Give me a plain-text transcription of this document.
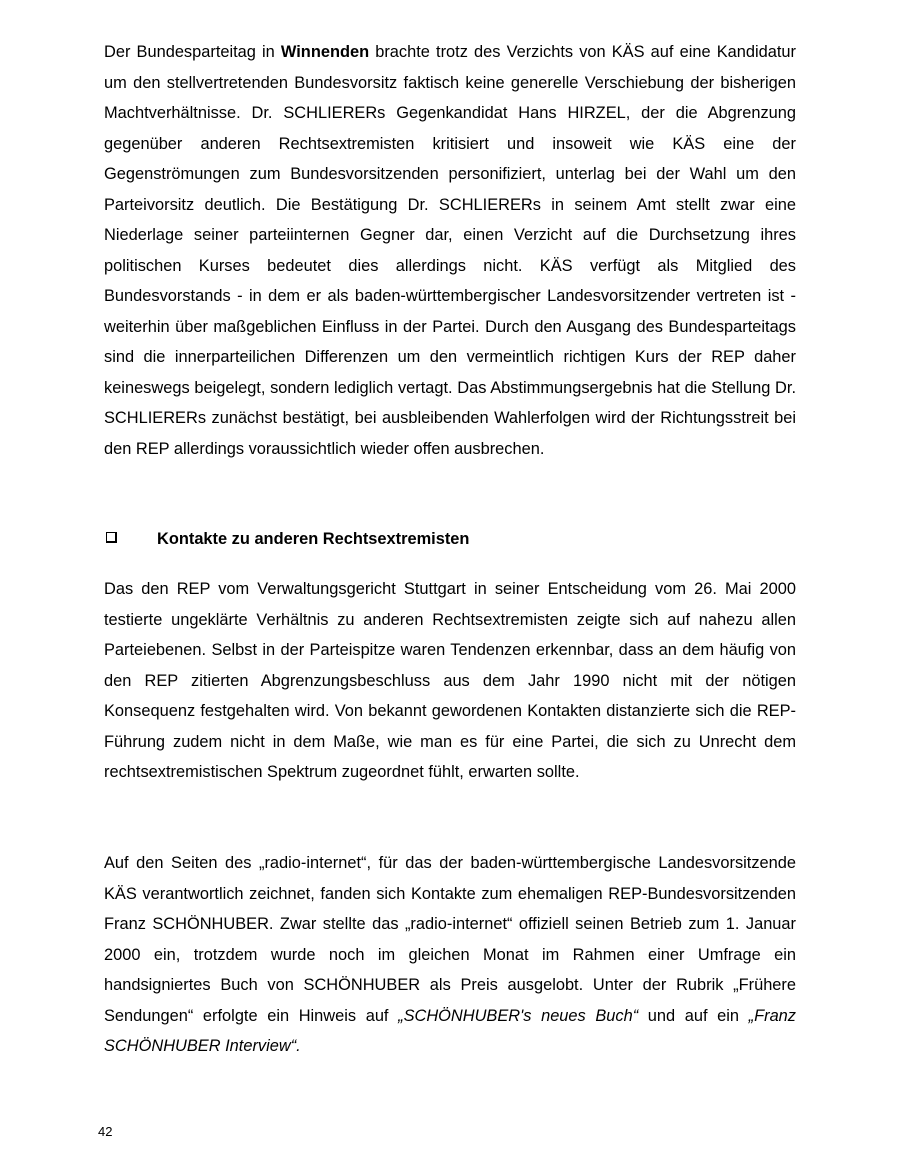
Der Bundesparteitag in Winnenden brachte trotz des Verzichts von KÄS auf eine Kandidatur um den stellvertretenden Bundesvorsitz faktisch keine generelle Verschiebung der bisherigen Machtverhältnisse. Dr. SCHLIERERs Gegenkandidat Hans HIRZEL, der die Abgrenzung gegenüber anderen Rechtsextremisten kritisiert und insoweit wie KÄS eine der Gegenströmungen zum Bundesvorsitzenden personifiziert, unterlag bei der Wahl um den Parteivorsitz deutlich. Die Bestätigung Dr. SCHLIERERs in seinem Amt stellt zwar eine Niederlage seiner parteiinternen Gegner dar, einen Verzicht auf die Durchsetzung ihres politischen Kurses bedeutet dies allerdings nicht. KÄS verfügt als Mitglied des Bundesvorstands - in dem er als baden-württembergischer Landesvorsitzender vertreten ist - weiterhin über maßgeblichen Einfluss in der Partei. Durch den Ausgang des Bundesparteitags sind die innerparteilichen Differenzen um den vermeintlich richtigen Kurs der REP daher keineswegs beigelegt, sondern lediglich vertagt. Das Abstimmungsergebnis hat die Stellung Dr. SCHLIERERs zunächst bestätigt, bei ausbleibenden Wahlerfolgen wird der Richtungsstreit bei den REP allerdings voraussichtlich wieder offen ausbrechen.

Kontakte zu anderen Rechtsextremisten

Das den REP vom Verwaltungsgericht Stuttgart in seiner Entscheidung vom 26. Mai 2000 testierte ungeklärte Verhältnis zu anderen Rechtsextremisten zeigte sich auf nahezu allen Parteiebenen. Selbst in der Parteispitze waren Tendenzen erkennbar, dass an dem häufig von den REP zitierten Abgrenzungsbeschluss aus dem Jahr 1990 nicht mit der nötigen Konsequenz festgehalten wird. Von bekannt gewordenen Kontakten distanzierte sich die REP-Führung zudem nicht in dem Maße, wie man es für eine Partei, die sich zu Unrecht dem rechtsextremistischen Spektrum zugeordnet fühlt, erwarten sollte.

Auf den Seiten des „radio-internet“, für das der baden-württembergische Landesvorsitzende KÄS verantwortlich zeichnet, fanden sich Kontakte zum ehemaligen REP-Bundesvorsitzenden Franz SCHÖNHUBER. Zwar stellte das „radio-internet“ offiziell seinen Betrieb zum 1. Januar 2000 ein, trotzdem wurde noch im gleichen Monat im Rahmen einer Umfrage ein handsigniertes Buch von SCHÖNHUBER als Preis ausgelobt. Unter der Rubrik „Frühere Sendungen“ erfolgte ein Hinweis auf „SCHÖNHUBER's neues Buch“ und auf ein „Franz SCHÖNHUBER Interview“.

42
